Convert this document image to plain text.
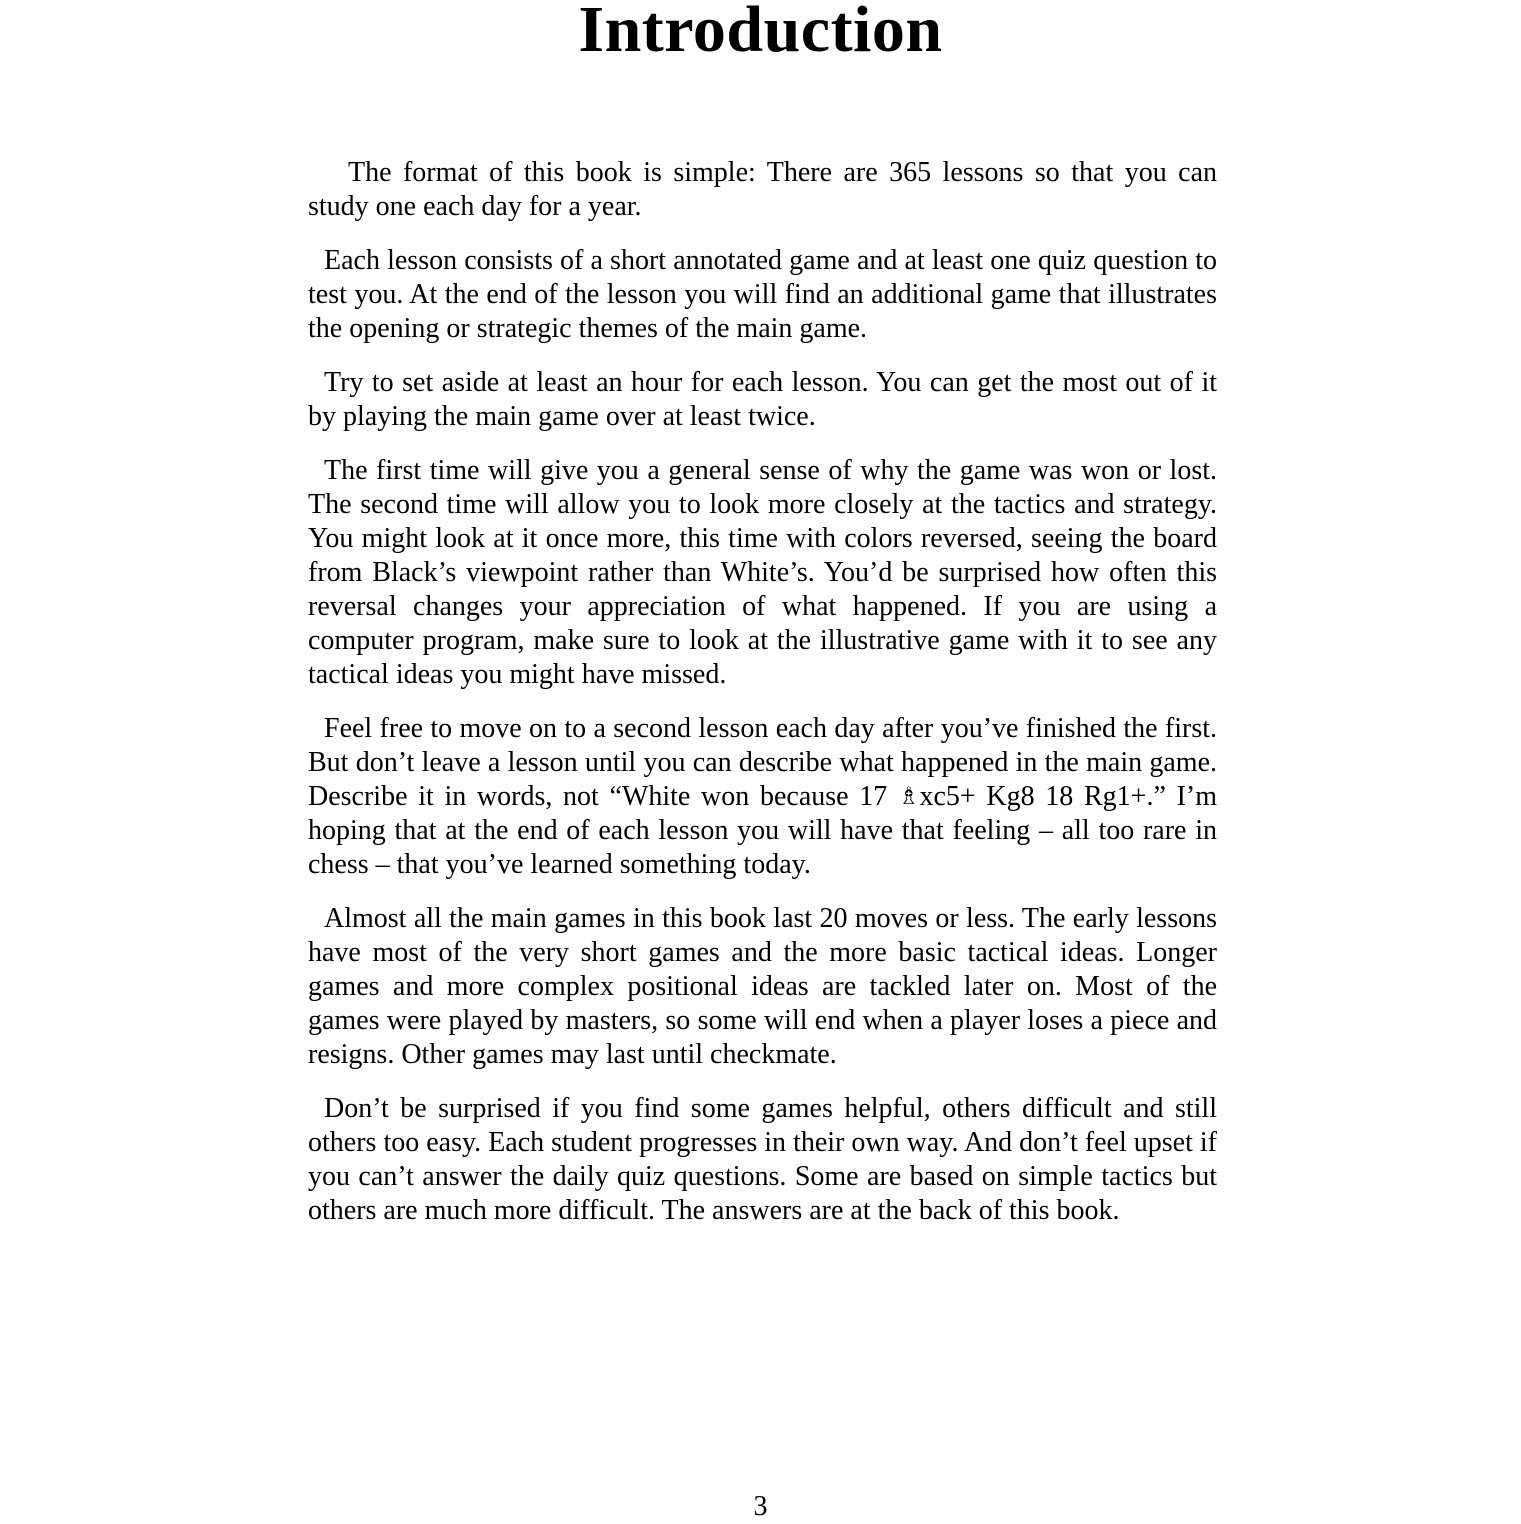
Introduction

The format of this book is simple: There are 365 lessons so that you can study one each day for a year.

Each lesson consists of a short annotated game and at least one quiz question to test you. At the end of the lesson you will find an additional game that illustrates the opening or strategic themes of the main game.

Try to set aside at least an hour for each lesson. You can get the most out of it by playing the main game over at least twice.

The first time will give you a general sense of why the game was won or lost. The second time will allow you to look more closely at the tactics and strategy. You might look at it once more, this time with colors reversed, seeing the board from Black’s viewpoint rather than White’s. You’d be surprised how often this reversal changes your appreciation of what happened. If you are using a computer program, make sure to look at the illustrative game with it to see any tactical ideas you might have missed.

Feel free to move on to a second lesson each day after you’ve finished the first. But don’t leave a lesson until you can describe what happened in the main game. Describe it in words, not “White won because 17 ♗xc5+ Kg8 18 Rg1+.” I’m hoping that at the end of each lesson you will have that feeling – all too rare in chess – that you’ve learned something today.

Almost all the main games in this book last 20 moves or less. The early lessons have most of the very short games and the more basic tactical ideas. Longer games and more complex positional ideas are tackled later on. Most of the games were played by masters, so some will end when a player loses a piece and resigns. Other games may last until checkmate.

Don’t be surprised if you find some games helpful, others difficult and still others too easy. Each student progresses in their own way. And don’t feel upset if you can’t answer the daily quiz questions. Some are based on simple tactics but others are much more difficult. The answers are at the back of this book.

3
